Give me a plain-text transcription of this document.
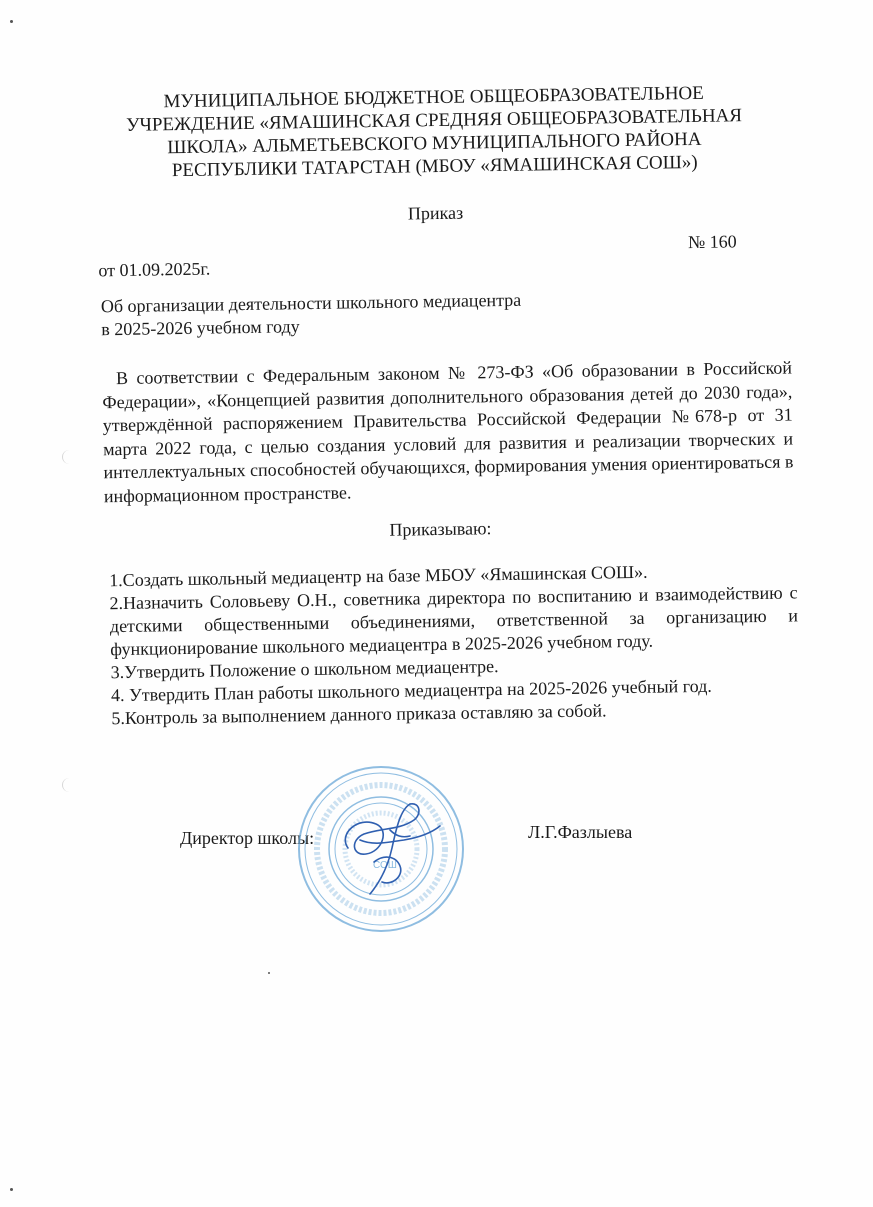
МУНИЦИПАЛЬНОЕ БЮДЖЕТНОЕ ОБЩЕОБРАЗОВАТЕЛЬНОЕ
УЧРЕЖДЕНИЕ «ЯМАШИНСКАЯ СРЕДНЯЯ ОБЩЕОБРАЗОВАТЕЛЬНАЯ
ШКОЛА» АЛЬМЕТЬЕВСКОГО МУНИЦИПАЛЬНОГО РАЙОНА
РЕСПУБЛИКИ ТАТАРСТАН (МБОУ «ЯМАШИНСКАЯ СОШ»)
Приказ
№ 160
от 01.09.2025г.
Об организации деятельности школьного медиацентра
в 2025-2026 учебном году
В соответствии с Федеральным законом № 273-ФЗ «Об образовании в Российской Федерации», «Концепцией развития дополнительного образования детей до 2030 года», утверждённой распоряжением Правительства Российской Федерации №678-р от 31 марта 2022 года, с целью создания условий для развития и реализации творческих и интеллектуальных способностей обучающихся, формирования умения ориентироваться в информационном пространстве.
Приказываю:
1.Создать школьный медиацентр на базе МБОУ «Ямашинская СОШ».
2.Назначить Соловьеву О.Н., советника директора по воспитанию и взаимодействию с детскими общественными объединениями, ответственной за организацию и функционирование школьного медиацентра в 2025-2026 учебном году.
3.Утвердить Положение о школьном медиацентре.
4. Утвердить План работы школьного медиацентра на 2025-2026 учебный год.
5.Контроль за выполнением данного приказа оставляю за собой.
Директор школы:	Л.Г.Фазлыева
СОШ
